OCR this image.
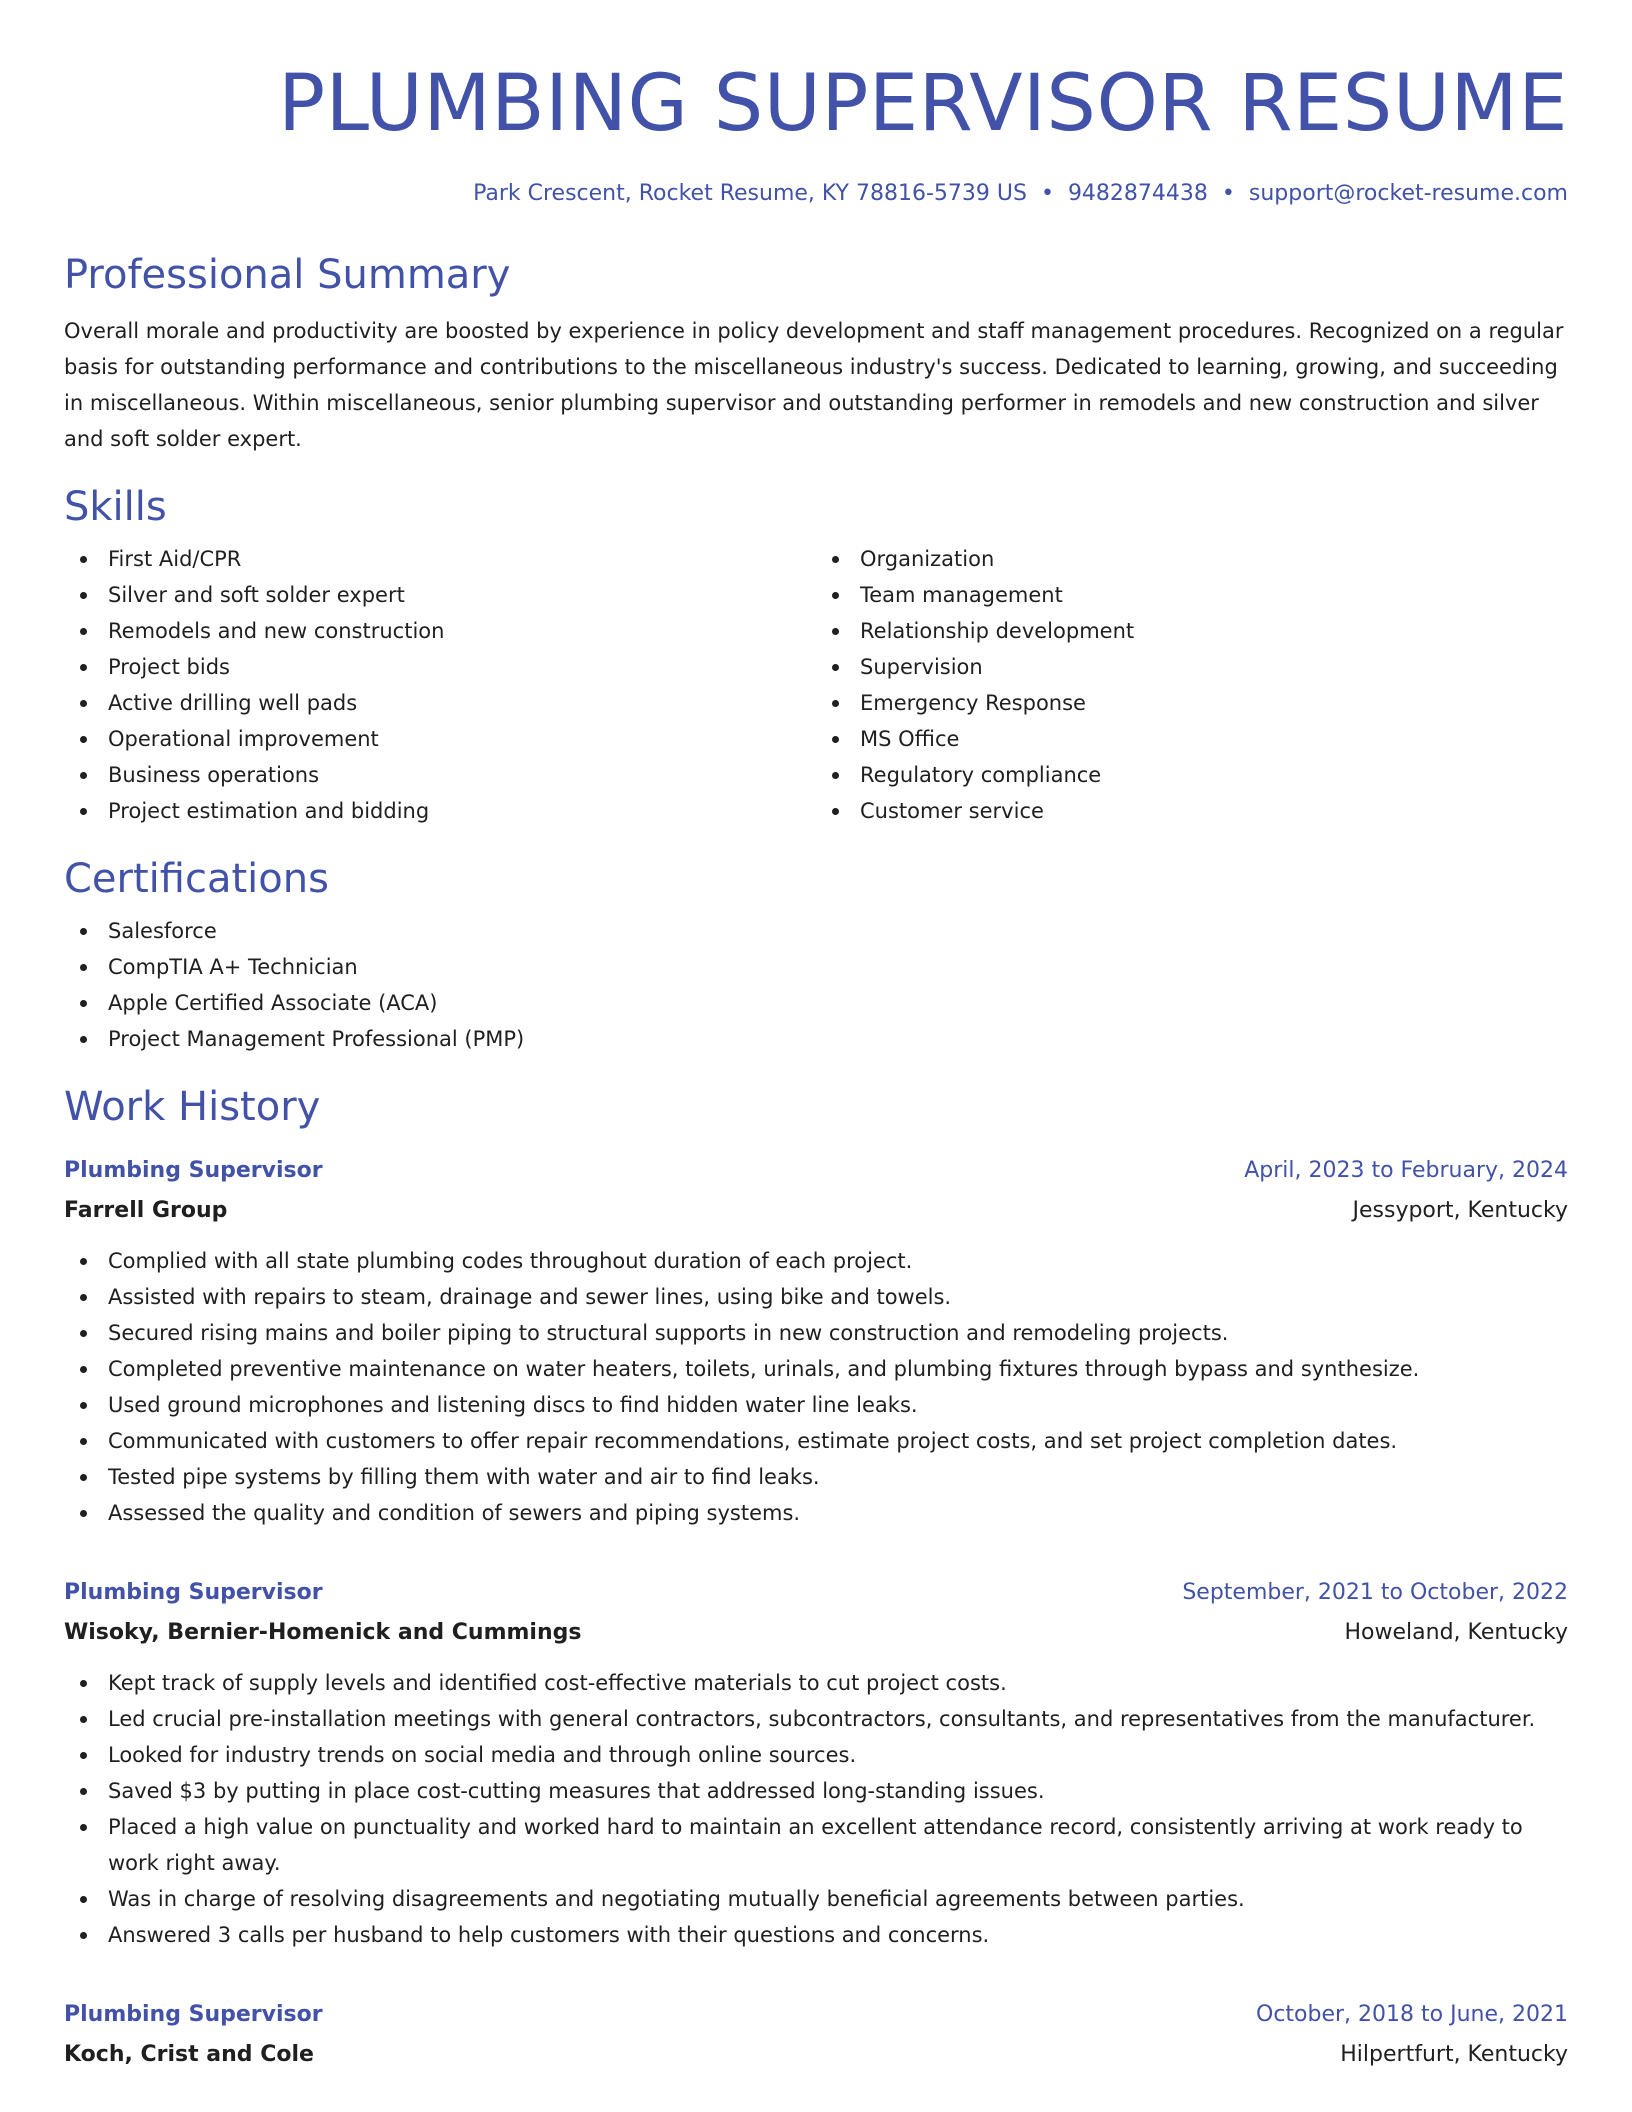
PLUMBING SUPERVISOR RESUME
Park Crescent, Rocket Resume, KY 78816-5739 US • 9482874438 • support@rocket-resume.com
Professional Summary

Overall morale and productivity are boosted by experience in policy development and staff management procedures. Recognized on a regular basis for outstanding performance and contributions to the miscellaneous industry's success. Dedicated to learning, growing, and succeeding in miscellaneous. Within miscellaneous, senior plumbing supervisor and outstanding performer in remodels and new construction and silver and soft solder expert.

Skills
First Aid/CPR
Silver and soft solder expert
Remodels and new construction
Project bids
Active drilling well pads
Operational improvement
Business operations
Project estimation and bidding
Organization
Team management
Relationship development
Supervision
Emergency Response
MS Office
Regulatory compliance
Customer service
Certifications
Salesforce
CompTIA A+ Technician
Apple Certified Associate (ACA)
Project Management Professional (PMP)
Work History
Plumbing Supervisor	April, 2023 to February, 2024
Farrell Group	Jessyport, Kentucky
Complied with all state plumbing codes throughout duration of each project.
Assisted with repairs to steam, drainage and sewer lines, using bike and towels.
Secured rising mains and boiler piping to structural supports in new construction and remodeling projects.
Completed preventive maintenance on water heaters, toilets, urinals, and plumbing fixtures through bypass and synthesize.
Used ground microphones and listening discs to find hidden water line leaks.
Communicated with customers to offer repair recommendations, estimate project costs, and set project completion dates.
Tested pipe systems by filling them with water and air to find leaks.
Assessed the quality and condition of sewers and piping systems.
Plumbing Supervisor	September, 2021 to October, 2022
Wisoky, Bernier-Homenick and Cummings	Howeland, Kentucky
Kept track of supply levels and identified cost-effective materials to cut project costs.
Led crucial pre-installation meetings with general contractors, subcontractors, consultants, and representatives from the manufacturer.
Looked for industry trends on social media and through online sources.
Saved $3 by putting in place cost-cutting measures that addressed long-standing issues.
Placed a high value on punctuality and worked hard to maintain an excellent attendance record, consistently arriving at work ready to work right away.
Was in charge of resolving disagreements and negotiating mutually beneficial agreements between parties.
Answered 3 calls per husband to help customers with their questions and concerns.
Plumbing Supervisor	October, 2018 to June, 2021
Koch, Crist and Cole	Hilpertfurt, Kentucky
